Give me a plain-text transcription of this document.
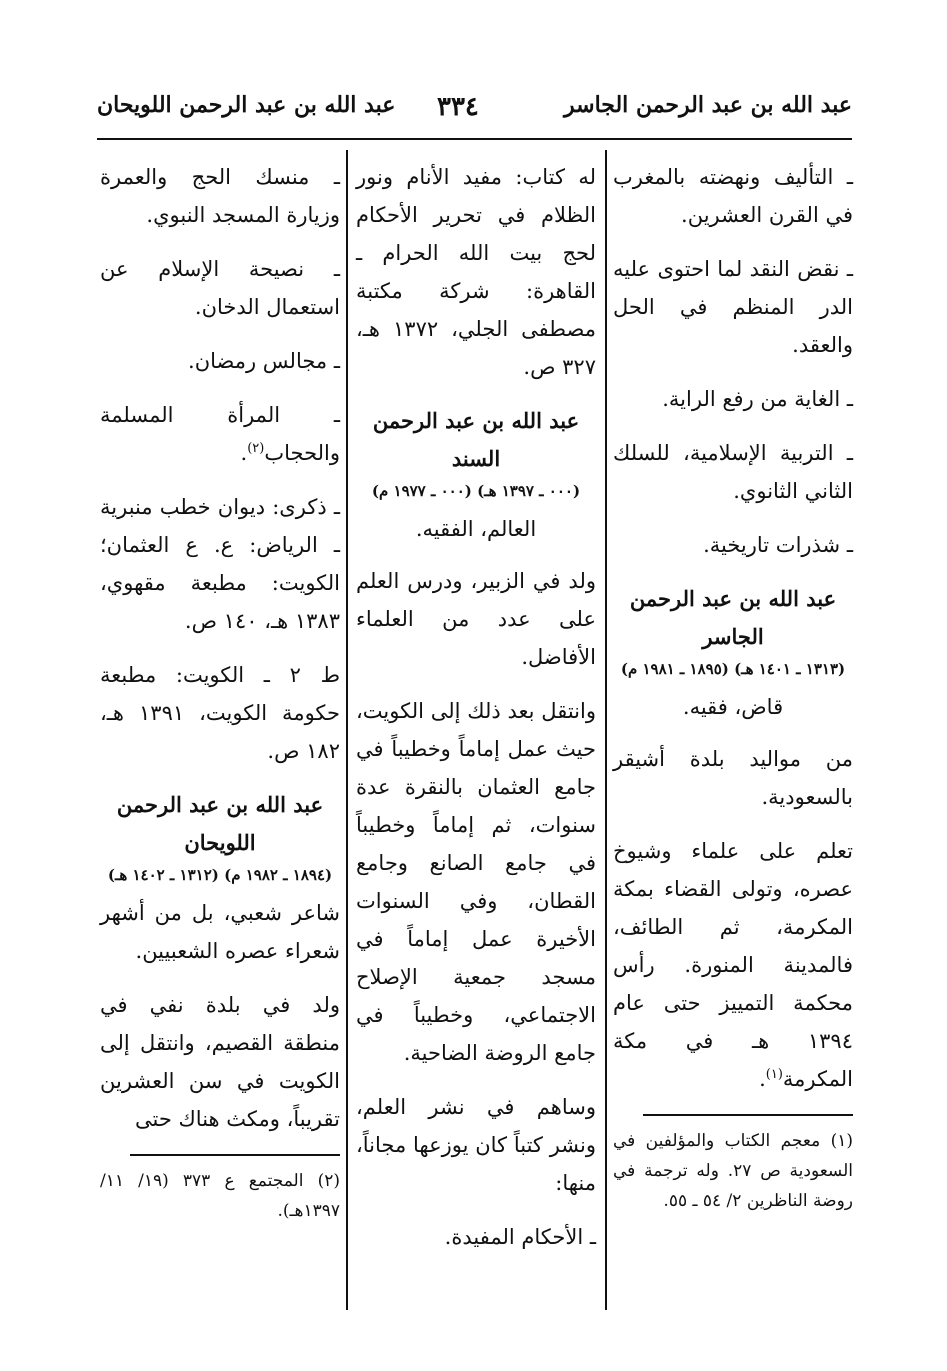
عبد الله بن عبد الرحمن اللويحان ٣٣٤	عبد الله بن عبد الرحمن الجاسر

ـ التأليف ونهضته بالمغرب في القرن العشرين.

ـ نقض النقد لما احتوى عليه الدر المنظم في الحل والعقد.

ـ الغاية من رفع الراية.

ـ التربية الإسلامية، للسلك الثاني الثانوي.

ـ شذرات تاريخية.

عبد الله بن عبد الرحمن الجاسر
(١٣١٣ ـ ١٤٠١ هـ) (١٨٩٥ ـ ١٩٨١ م)
قاض، فقيه.

من مواليد بلدة أشيقر بالسعودية.

تعلم على علماء وشيوخ عصره، وتولى القضاء بمكة المكرمة، ثم الطائف، فالمدينة المنورة. رأس محكمة التمييز حتى عام ١٣٩٤ هـ في مكة المكرمة$^{(١)}$.

(١) معجم الكتاب والمؤلفين في السعودية ص ٢٧. وله ترجمة في روضة الناظرين ٢/ ٥٤ ـ ٥٥.

له كتاب: مفيد الأنام ونور الظلام في تحرير الأحكام لحج بيت الله الحرام ـ القاهرة: شركة مكتبة مصطفى الجلي، ١٣٧٢ هـ، ٣٢٧ ص.

عبد الله بن عبد الرحمن السند
(٠٠٠ ـ ١٣٩٧ هـ) (٠٠٠ ـ ١٩٧٧ م)
العالم، الفقيه.

ولد في الزبير، ودرس العلم على عدد من العلماء الأفاضل.

وانتقل بعد ذلك إلى الكويت، حيث عمل إماماً وخطيباً في جامع العثمان بالنقرة عدة سنوات، ثم إماماً وخطيباً في جامع الصانع وجامع القطان، وفي السنوات الأخيرة عمل إماماً في مسجد جمعية الإصلاح الاجتماعي، وخطيباً في جامع الروضة الضاحية.

وساهم في نشر العلم، ونشر كتباً كان يوزعها مجاناً، منها:

ـ الأحكام المفيدة.

ـ منسك الحج والعمرة وزيارة المسجد النبوي.

ـ نصيحة الإسلام عن استعمال الدخان.

ـ مجالس رمضان.

ـ المرأة المسلمة والحجاب$^{(٢)}$.

ـ ذكرى: ديوان خطب منبرية ـ الرياض: ع. ع العثمان؛ الكويت: مطبعة مقهوي، ١٣٨٣ هـ، ١٤٠ ص.

ط ٢ ـ الكويت: مطبعة حكومة الكويت، ١٣٩١ هـ، ١٨٢ ص.

عبد الله بن عبد الرحمن اللويحان
(١٨٩٤ ـ ١٩٨٢ م) (١٣١٢ ـ ١٤٠٢ هـ)

شاعر شعبي، بل من أشهر شعراء عصره الشعبيين.

ولد في بلدة نفي في منطقة القصيم، وانتقل إلى الكويت في سن العشرين تقريباً، ومكث هناك حتى

(٢) المجتمع ع ٣٧٣ (١٩/ ١١/ ١٣٩٧هـ).
